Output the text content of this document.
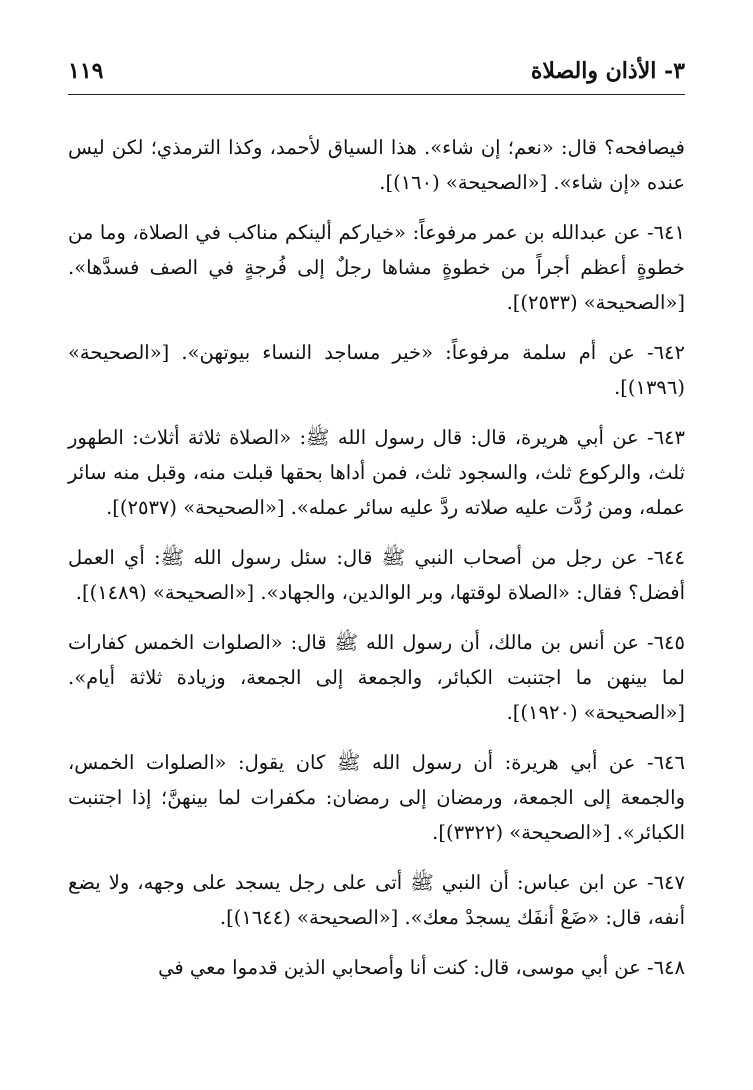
٣- الأذان والصلاة
١١٩

فيصافحه؟ قال: «نعم؛ إن شاء». هذا السياق لأحمد، وكذا الترمذي؛ لكن ليس عنده «إن شاء». [«الصحيحة» (١٦٠)].

٦٤١- عن عبدالله بن عمر مرفوعاً: «خياركم ألينكم مناكب في الصلاة، وما من خطوةٍ أعظم أجراً من خطوةٍ مشاها رجلٌ إلى فُرجةٍ في الصف فسدَّها». [«الصحيحة» (٢٥٣٣)].

٦٤٢- عن أم سلمة مرفوعاً: «خير مساجد النساء بيوتهن». [«الصحيحة» (١٣٩٦)].

٦٤٣- عن أبي هريرة، قال: قال رسول الله ﷺ: «الصلاة ثلاثة أثلاث: الطهور ثلث، والركوع ثلث، والسجود ثلث، فمن أداها بحقها قبلت منه، وقبل منه سائر عمله، ومن رُدَّت عليه صلاته ردَّ عليه سائر عمله». [«الصحيحة» (٢٥٣٧)].

٦٤٤- عن رجل من أصحاب النبي ﷺ قال: سئل رسول الله ﷺ: أي العمل أفضل؟ فقال: «الصلاة لوقتها، وبر الوالدين، والجهاد». [«الصحيحة» (١٤٨٩)].

٦٤٥- عن أنس بن مالك، أن رسول الله ﷺ قال: «الصلوات الخمس كفارات لما بينهن ما اجتنبت الكبائر، والجمعة إلى الجمعة، وزيادة ثلاثة أيام». [«الصحيحة» (١٩٢٠)].

٦٤٦- عن أبي هريرة: أن رسول الله ﷺ كان يقول: «الصلوات الخمس، والجمعة إلى الجمعة، ورمضان إلى رمضان: مكفرات لما بينهنَّ؛ إذا اجتنبت الكبائر». [«الصحيحة» (٣٣٢٢)].

٦٤٧- عن ابن عباس: أن النبي ﷺ أتى على رجل يسجد على وجهه، ولا يضع أنفه، قال: «ضَعْ أنفَك يسجدْ معك». [«الصحيحة» (١٦٤٤)].

٦٤٨- عن أبي موسى، قال: كنت أنا وأصحابي الذين قدموا معي في
